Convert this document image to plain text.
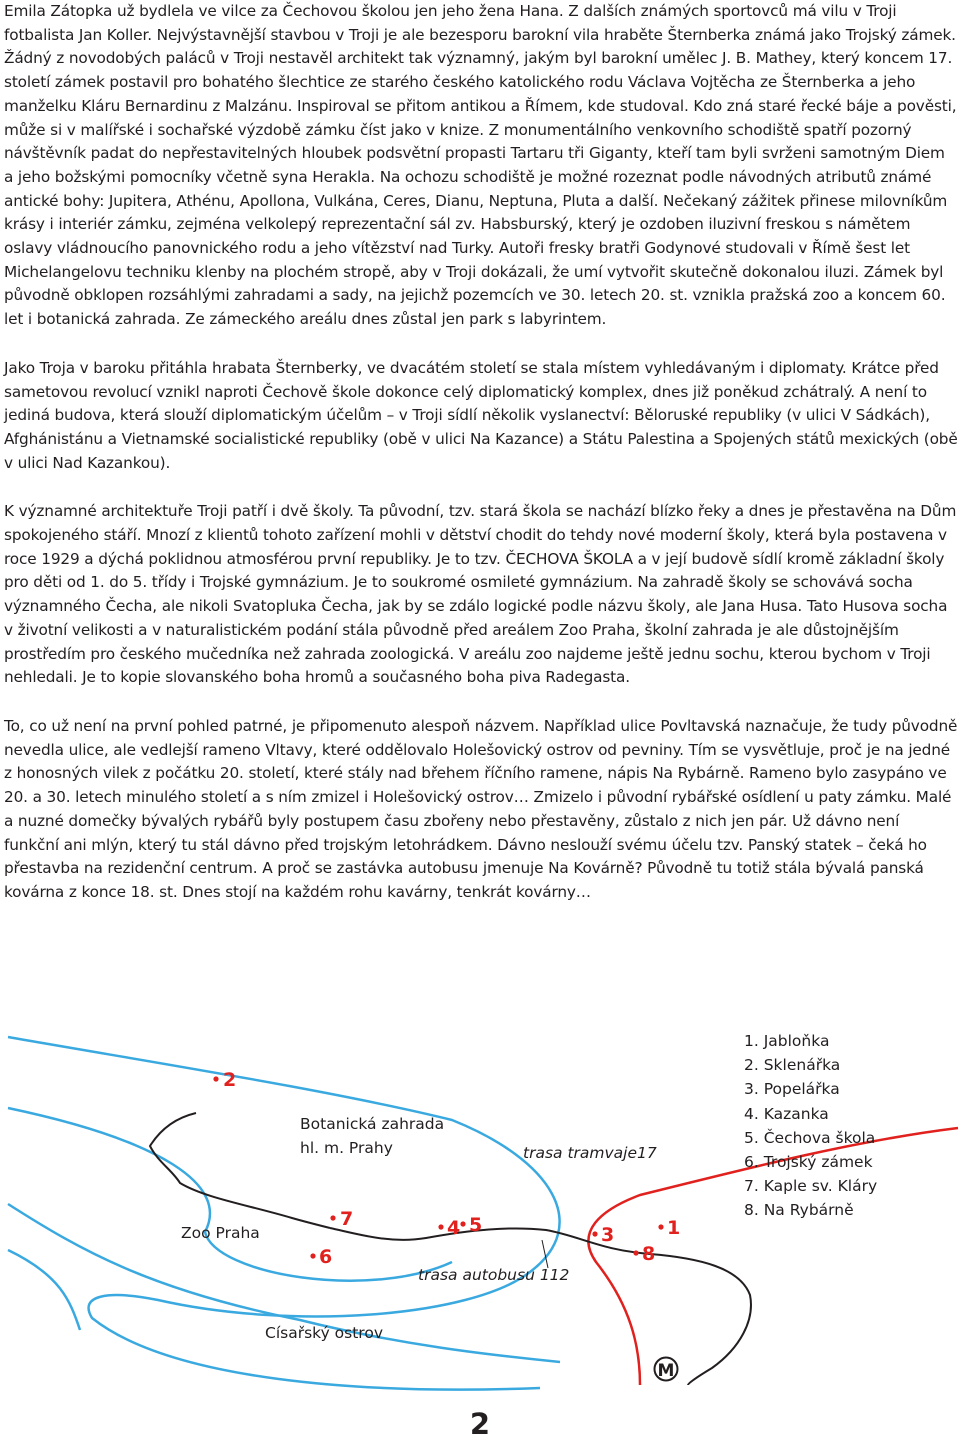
Emila Zátopka už bydlela ve vilce za Čechovou školou jen jeho žena Hana. Z dalších známých sportovců má vilu v Troji fotbalista Jan Koller. Nejvýstavnější stavbou v Troji je ale bezesporu barokní vila hraběte Šternberka známá jako Trojský zámek. Žádný z novodobých paláců v Troji nestavěl architekt tak významný, jakým byl barokní umělec J. B. Mathey, který koncem 17. století zámek postavil pro bohatého šlechtice ze starého českého katolického rodu Václava Vojtěcha ze Šternberka a jeho manželku Kláru Bernardinu z Malzánu. Inspiroval se přitom antikou a Římem, kde studoval. Kdo zná staré řecké báje a pověsti, může si v malířské i sochařské výzdobě zámku číst jako v knize. Z monumentálního venkovního schodiště spatří pozorný návštěvník padat do nepřestavitelných hloubek podsvětní propasti Tartaru tři Giganty, kteří tam byli svrženi samotným Diem a jeho božskými pomocníky včetně syna Herakla. Na ochozu schodiště je možné rozeznat podle návodných atributů známé antické bohy: Jupitera, Athénu, Apollona, Vulkána, Ceres, Dianu, Neptuna, Pluta a další. Nečekaný zážitek přinese milovníkům krásy i interiér zámku, zejména velkolepý reprezentační sál zv. Habsburský, který je ozdoben iluzivní freskou s námětem oslavy vládnoucího panovnického rodu a jeho vítězství nad Turky. Autoři fresky bratři Godynové studovali v Římě šest let Michelangelovu techniku klenby na plochém stropě, aby v Troji dokázali, že umí vytvořit skutečně dokonalou iluzi. Zámek byl původně obklopen rozsáhlými zahradami a sady, na jejichž pozemcích ve 30. letech 20. st. vznikla pražská zoo a koncem 60. let i botanická zahrada. Ze zámeckého areálu dnes zůstal jen park s labyrintem.

Jako Troja v baroku přitáhla hrabata Šternberky, ve dvacátém století se stala místem vyhledávaným i diplomaty. Krátce před sametovou revolucí vznikl naproti Čechově škole dokonce celý diplomatický komplex, dnes již poněkud zchátralý. A není to jediná budova, která slouží diplomatickým účelům – v Troji sídlí několik vyslanectví: Běloruské republiky (v ulici V Sádkách), Afghánistánu a Vietnamské socialistické republiky (obě v ulici Na Kazance) a Státu Palestina a Spojených států mexických (obě v ulici Nad Kazankou).

K významné architektuře Troji patří i dvě školy. Ta původní, tzv. stará škola se nachází blízko řeky a dnes je přestavěna na Dům spokojeného stáří. Mnozí z klientů tohoto zařízení mohli v dětství chodit do tehdy nové moderní školy, která byla postavena v roce 1929 a dýchá poklidnou atmosférou první republiky. Je to tzv. ČECHOVA ŠKOLA a v její budově sídlí kromě základní školy pro děti od 1. do 5. třídy i Trojské gymnázium. Je to soukromé osmileté gymnázium. Na zahradě školy se schovává socha významného Čecha, ale nikoli Svatopluka Čecha, jak by se zdálo logické podle názvu školy, ale Jana Husa. Tato Husova socha v životní velikosti a v naturalistickém podání stála původně před areálem Zoo Praha, školní zahrada je ale důstojnějším prostředím pro českého mučedníka než zahrada zoologická. V areálu zoo najdeme ještě jednu sochu, kterou bychom v Troji nehledali. Je to kopie slovanského boha hromů a současného boha piva Radegasta.

To, co už není na první pohled patrné, je připomenuto alespoň názvem. Například ulice Povltavská naznačuje, že tudy původně nevedla ulice, ale vedlejší rameno Vltavy, které oddělovalo Holešovický ostrov od pevniny. Tím se vysvětluje, proč je na jedné z honosných vilek z počátku 20. století, které stály nad břehem říčního ramene, nápis Na Rybárně. Rameno bylo zasypáno ve 20. a 30. letech minulého století a s ním zmizel i Holešovický ostrov… Zmizelo i původní rybářské osídlení u paty zámku. Malé a nuzné domečky bývalých rybářů byly postupem času zbořeny nebo přestavěny, zůstalo z nich jen pár. Už dávno není funkční ani mlýn, který tu stál dávno před trojským letohrádkem. Dávno neslouží svému účelu tzv. Panský statek – čeká ho přestavba na rezidenční centrum. A proč se zastávka autobusu jmenuje Na Kovárně? Původně tu totiž stála bývalá panská kovárna z konce 18. st. Dnes stojí na každém rohu kavárny, tenkrát kovárny…

Botanická zahrada
hl. m. Prahy
Zoo Praha
Císařský ostrov
trasa tramvaje17
trasa autobusu 112
2
7
6
4 5	3	1
8
M
1. Jabloňka
2. Sklenářka
3. Popelářka
4. Kazanka
5. Čechova škola
6. Trojský zámek
7. Kaple sv. Kláry
8. Na Rybárně
2
